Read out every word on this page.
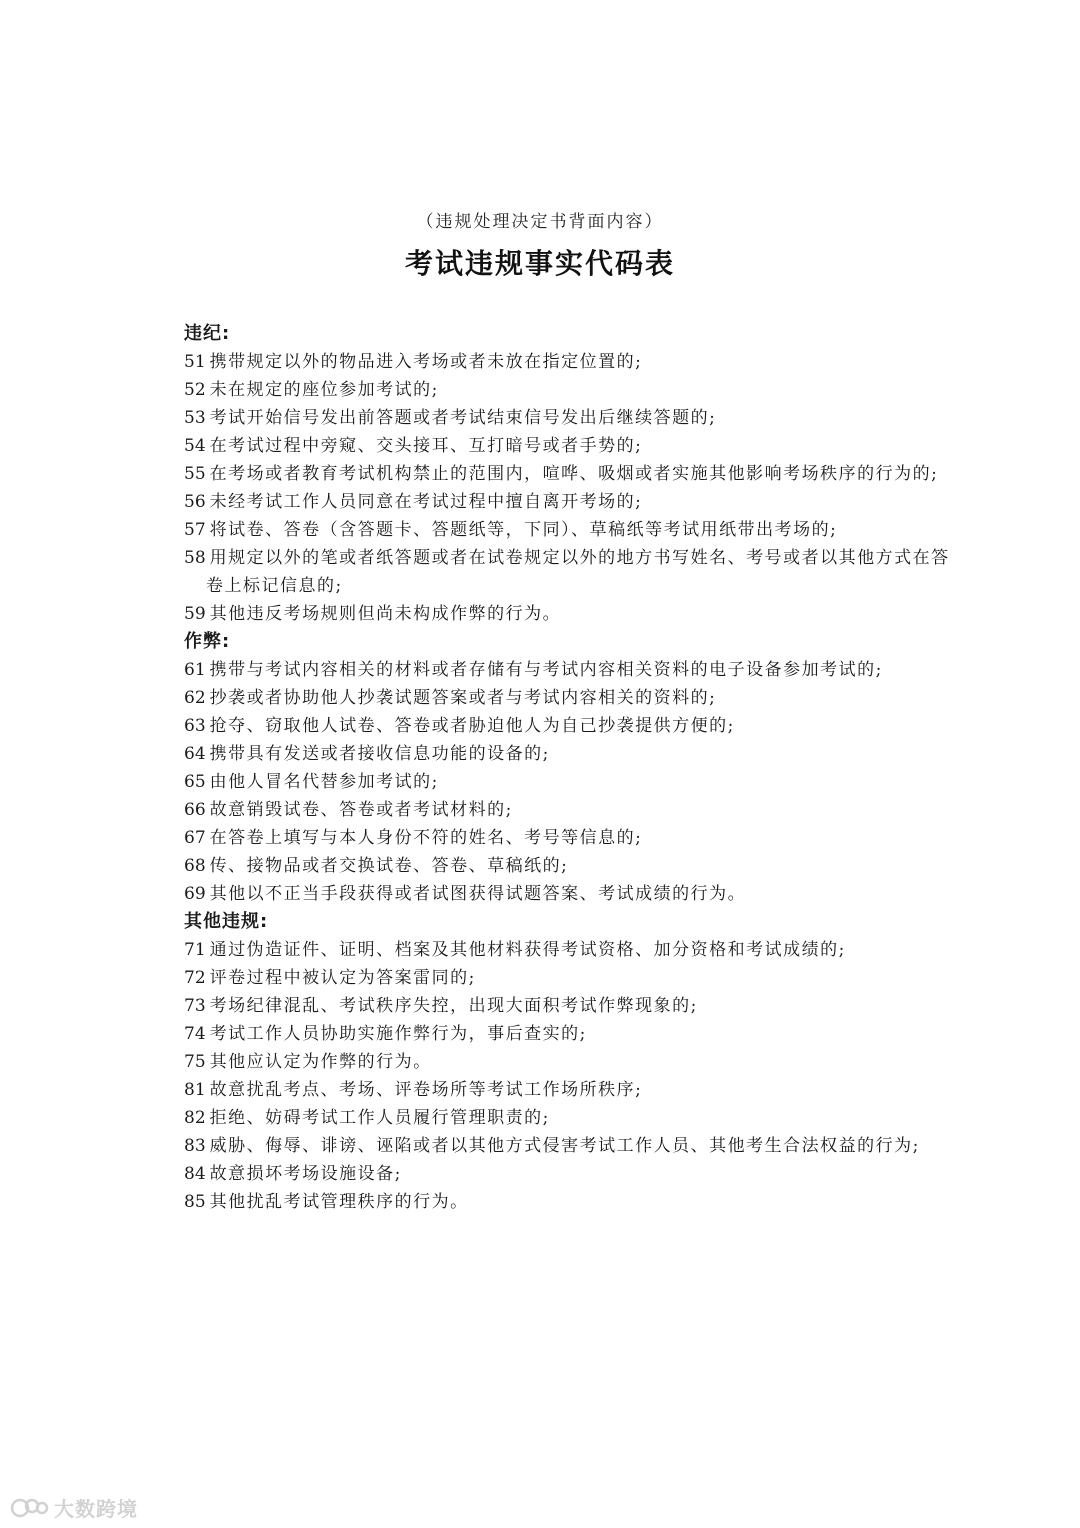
（违规处理决定书背面内容）
考试违规事实代码表
违纪:
51 携带规定以外的物品进入考场或者未放在指定位置的;
52 未在规定的座位参加考试的;
53 考试开始信号发出前答题或者考试结束信号发出后继续答题的;
54 在考试过程中旁窥、交头接耳、互打暗号或者手势的;
55 在考场或者教育考试机构禁止的范围内，喧哗、吸烟或者实施其他影响考场秩序的行为的;
56 未经考试工作人员同意在考试过程中擅自离开考场的;
57 将试卷、答卷（含答题卡、答题纸等，下同）、草稿纸等考试用纸带出考场的;
58 用规定以外的笔或者纸答题或者在试卷规定以外的地方书写姓名、考号或者以其他方式在答卷上标记信息的;
59 其他违反考场规则但尚未构成作弊的行为。
作弊:
61 携带与考试内容相关的材料或者存储有与考试内容相关资料的电子设备参加考试的;
62 抄袭或者协助他人抄袭试题答案或者与考试内容相关的资料的;
63 抢夺、窃取他人试卷、答卷或者胁迫他人为自己抄袭提供方便的;
64 携带具有发送或者接收信息功能的设备的;
65 由他人冒名代替参加考试的;
66 故意销毁试卷、答卷或者考试材料的;
67 在答卷上填写与本人身份不符的姓名、考号等信息的;
68 传、接物品或者交换试卷、答卷、草稿纸的;
69 其他以不正当手段获得或者试图获得试题答案、考试成绩的行为。
其他违规:
71 通过伪造证件、证明、档案及其他材料获得考试资格、加分资格和考试成绩的;
72 评卷过程中被认定为答案雷同的;
73 考场纪律混乱、考试秩序失控，出现大面积考试作弊现象的;
74 考试工作人员协助实施作弊行为，事后查实的;
75 其他应认定为作弊的行为。
81 故意扰乱考点、考场、评卷场所等考试工作场所秩序;
82 拒绝、妨碍考试工作人员履行管理职责的;
83 威胁、侮辱、诽谤、诬陷或者以其他方式侵害考试工作人员、其他考生合法权益的行为;
84 故意损坏考场设施设备;
85 其他扰乱考试管理秩序的行为。
大数跨境
